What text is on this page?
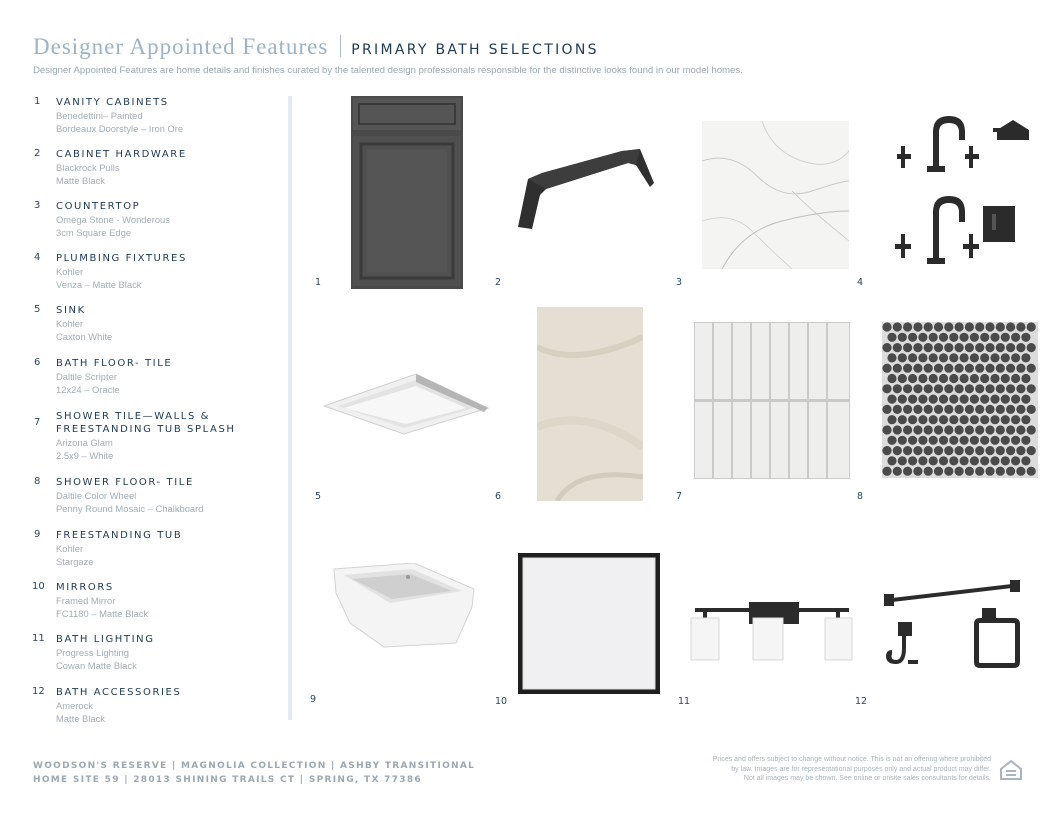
Designer Appointed Features PRIMARY BATH SELECTIONS
Designer Appointed Features are home details and finishes curated by the talented design professionals responsible for the distinctive looks found in our model homes.
1 VANITY CABINETS
Benedettini– Painted
Bordeaux Doorstyle – Iron Ore
2 CABINET HARDWARE
Blackrock Pulls
Matte Black
3 COUNTERTOP
Omega Stone - Wonderous
3cm Square Edge
4 PLUMBING FIXTURES
Kohler
Venza – Matte Black
5 SINK
Kohler
Caxton White
6 BATH FLOOR- TILE
Daltile Scripter
12x24 – Oracle
7
SHOWER TILE—WALLS & FREESTANDING TUB SPLASH
Arizona Glam
2.5x9 – White
8 SHOWER FLOOR- TILE
Daltile Color Wheel
Penny Round Mosaic – Chalkboard
9 FREESTANDING TUB
Kohler
Stargaze
10 MIRRORS
Framed Mirror
FC1180 – Matte Black
11 BATH LIGHTING
Progress Lighting
Cowan Matte Black
12 BATH ACCESSORIES
Amerock
Matte Black
1	2	3	4
5	6	7	8
9	10	11	12
WOODSON'S RESERVE | MAGNOLIA COLLECTION | ASHBY TRANSITIONAL
HOME SITE 59 | 28013 SHINING TRAILS CT | SPRING, TX 77386
Prices and offers subject to change without notice. This is not an offering where prohibited
by law. Images are for representational purposes only and actual product may differ.
Not all images may be shown. See online or onsite sales consultants for details.
